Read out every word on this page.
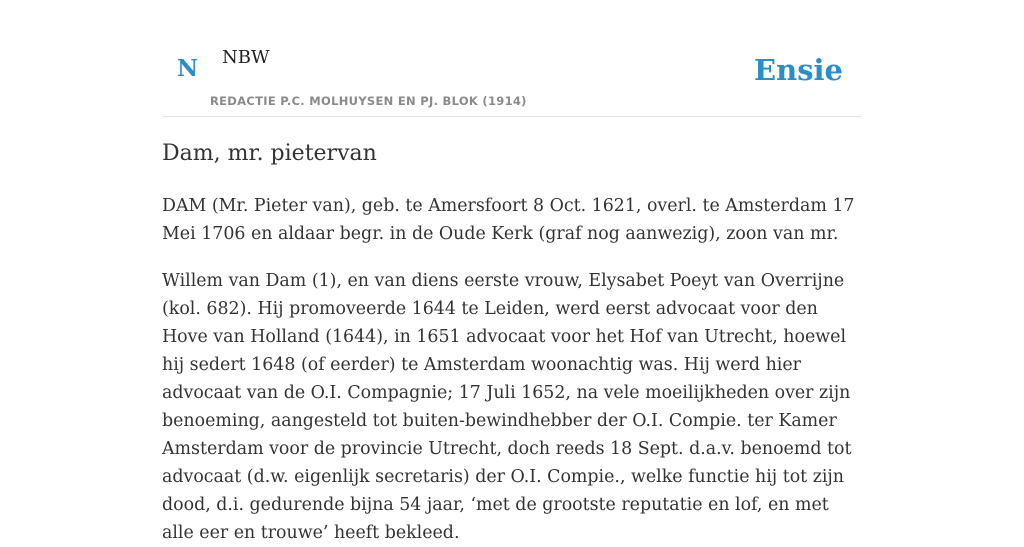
N NBW
REDACTIE P.C. MOLHUYSEN EN PJ. BLOK (1914)
Ensie
Dam, mr. pietervan

DAM (Mr. Pieter van), geb. te Amersfoort 8 Oct. 1621, overl. te Amsterdam 17 Mei 1706 en aldaar begr. in de Oude Kerk (graf nog aanwezig), zoon van mr.

Willem van Dam (1), en van diens eerste vrouw, Elysabet Poeyt van Overrijne (kol. 682). Hij promoveerde 1644 te Leiden, werd eerst advocaat voor den Hove van Holland (1644), in 1651 advocaat voor het Hof van Utrecht, hoewel hij sedert 1648 (of eerder) te Amsterdam woonachtig was. Hij werd hier advocaat van de O.I. Compagnie; 17 Juli 1652, na vele moeilijkheden over zijn benoeming, aangesteld tot buiten-bewindhebber der O.I. Compie. ter Kamer Amsterdam voor de provincie Utrecht, doch reeds 18 Sept. d.a.v. benoemd tot advocaat (d.w. eigenlijk secretaris) der O.I. Compie., welke functie hij tot zijn dood, d.i. gedurende bijna 54 jaar, ‘met de grootste reputatie en lof, en met alle eer en trouwe’ heeft bekleed.
